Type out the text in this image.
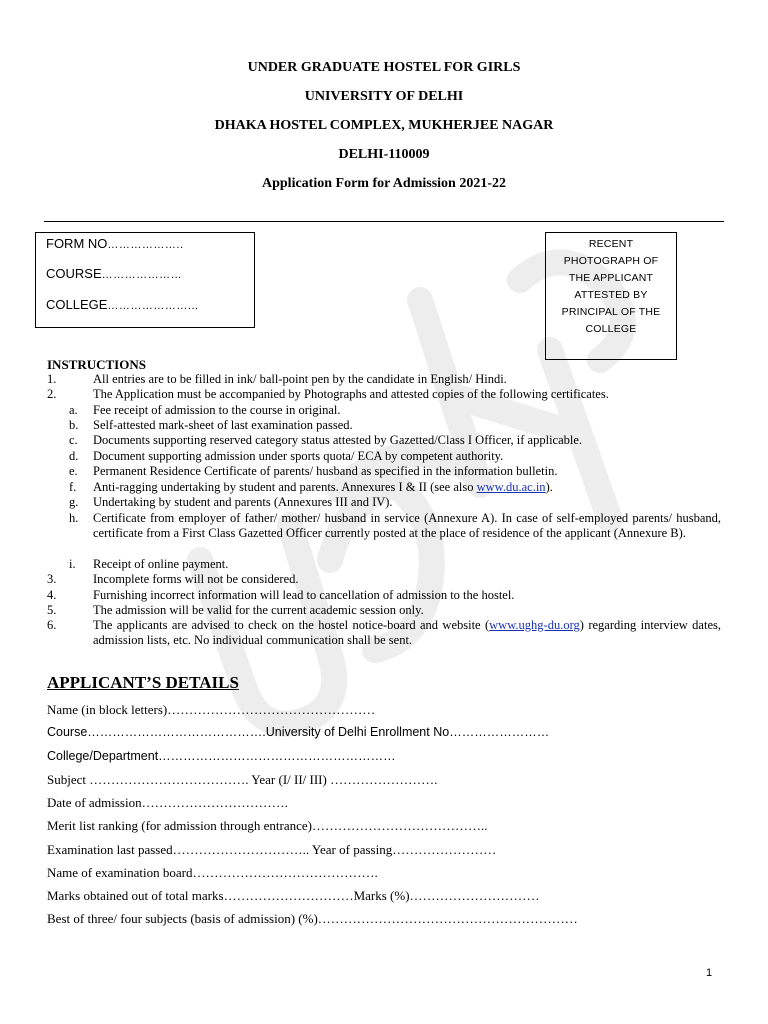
UNDER GRADUATE HOSTEL FOR GIRLS
UNIVERSITY OF DELHI
DHAKA HOSTEL COMPLEX, MUKHERJEE NAGAR
DELHI-110009
Application Form for Admission 2021-22
FORM NO………………..
COURSE…………………
COLLEGE…………………...
RECENT
PHOTOGRAPH OF
THE APPLICANT
ATTESTED BY
PRINCIPAL OF THE
COLLEGE
INSTRUCTIONS
1.	All entries are to be filled in ink/ ball-point pen by the candidate in English/ Hindi.
2.	The Application must be accompanied by Photographs and attested copies of the following certificates.
a. Fee receipt of admission to the course in original.
b. Self-attested mark-sheet of last examination passed.
c. Documents supporting reserved category status attested by Gazetted/Class I Officer, if applicable.
d. Document supporting admission under sports quota/ ECA by competent authority.
e. Permanent Residence Certificate of parents/ husband as specified in the information bulletin.
f. Anti-ragging undertaking by student and parents. Annexures I & II (see also www.du.ac.in).
g. Undertaking by student and parents (Annexures III and IV).
h. Certificate from employer of father/ mother/ husband in service (Annexure A). In case of self-employed parents/ husband, certificate from a First Class Gazetted Officer currently posted at the place of residence of the applicant (Annexure B).
i. Receipt of online payment.
3.	Incomplete forms will not be considered.
4.	Furnishing incorrect information will lead to cancellation of admission to the hostel.
5.	The admission will be valid for the current academic session only.
6.	The applicants are advised to check on the hostel notice-board and website (www.ughg-du.org) regarding interview dates, admission lists, etc. No individual communication shall be sent.
APPLICANT’S DETAILS
Name (in block letters)…………………………………………
Course…………………………………….University of Delhi Enrollment No……………………
College/Department…………………………………………………
Subject ………………………………. Year (I/ II/ III) …………………….
Date of admission…………………………….
Merit list ranking (for admission through entrance)…………………………………..
Examination last passed………………………….. Year of passing……………………
Name of examination board…………………………………….
Marks obtained out of total marks…………………………Marks (%)…………………………
Best of three/ four subjects (basis of admission) (%)……………………………………………………
1
